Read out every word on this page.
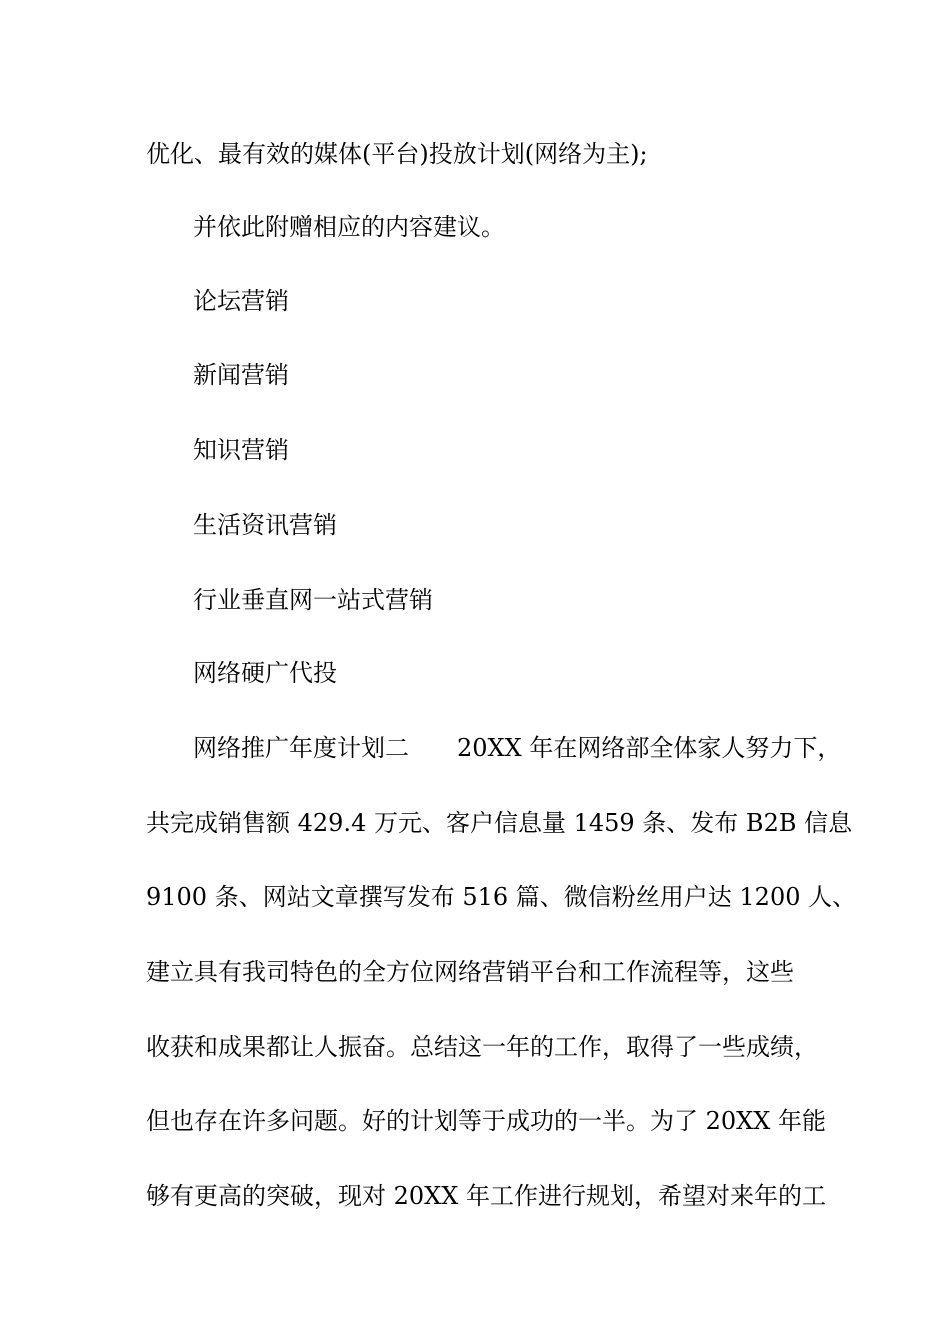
优化、最有效的媒体(平台)投放计划(网络为主);
并依此附赠相应的内容建议。
论坛营销
新闻营销
知识营销
生活资讯营销
行业垂直网一站式营销
网络硬广代投
网络推广年度计划二　　20XX 年在网络部全体家人努力下，
共完成销售额 429.4 万元、客户信息量 1459 条、发布 B2B 信息
9100 条、网站文章撰写发布 516 篇、微信粉丝用户达 1200 人、
建立具有我司特色的全方位网络营销平台和工作流程等，这些
收获和成果都让人振奋。总结这一年的工作，取得了一些成绩，
但也存在许多问题。好的计划等于成功的一半。为了 20XX 年能
够有更高的突破，现对 20XX 年工作进行规划，希望对来年的工
